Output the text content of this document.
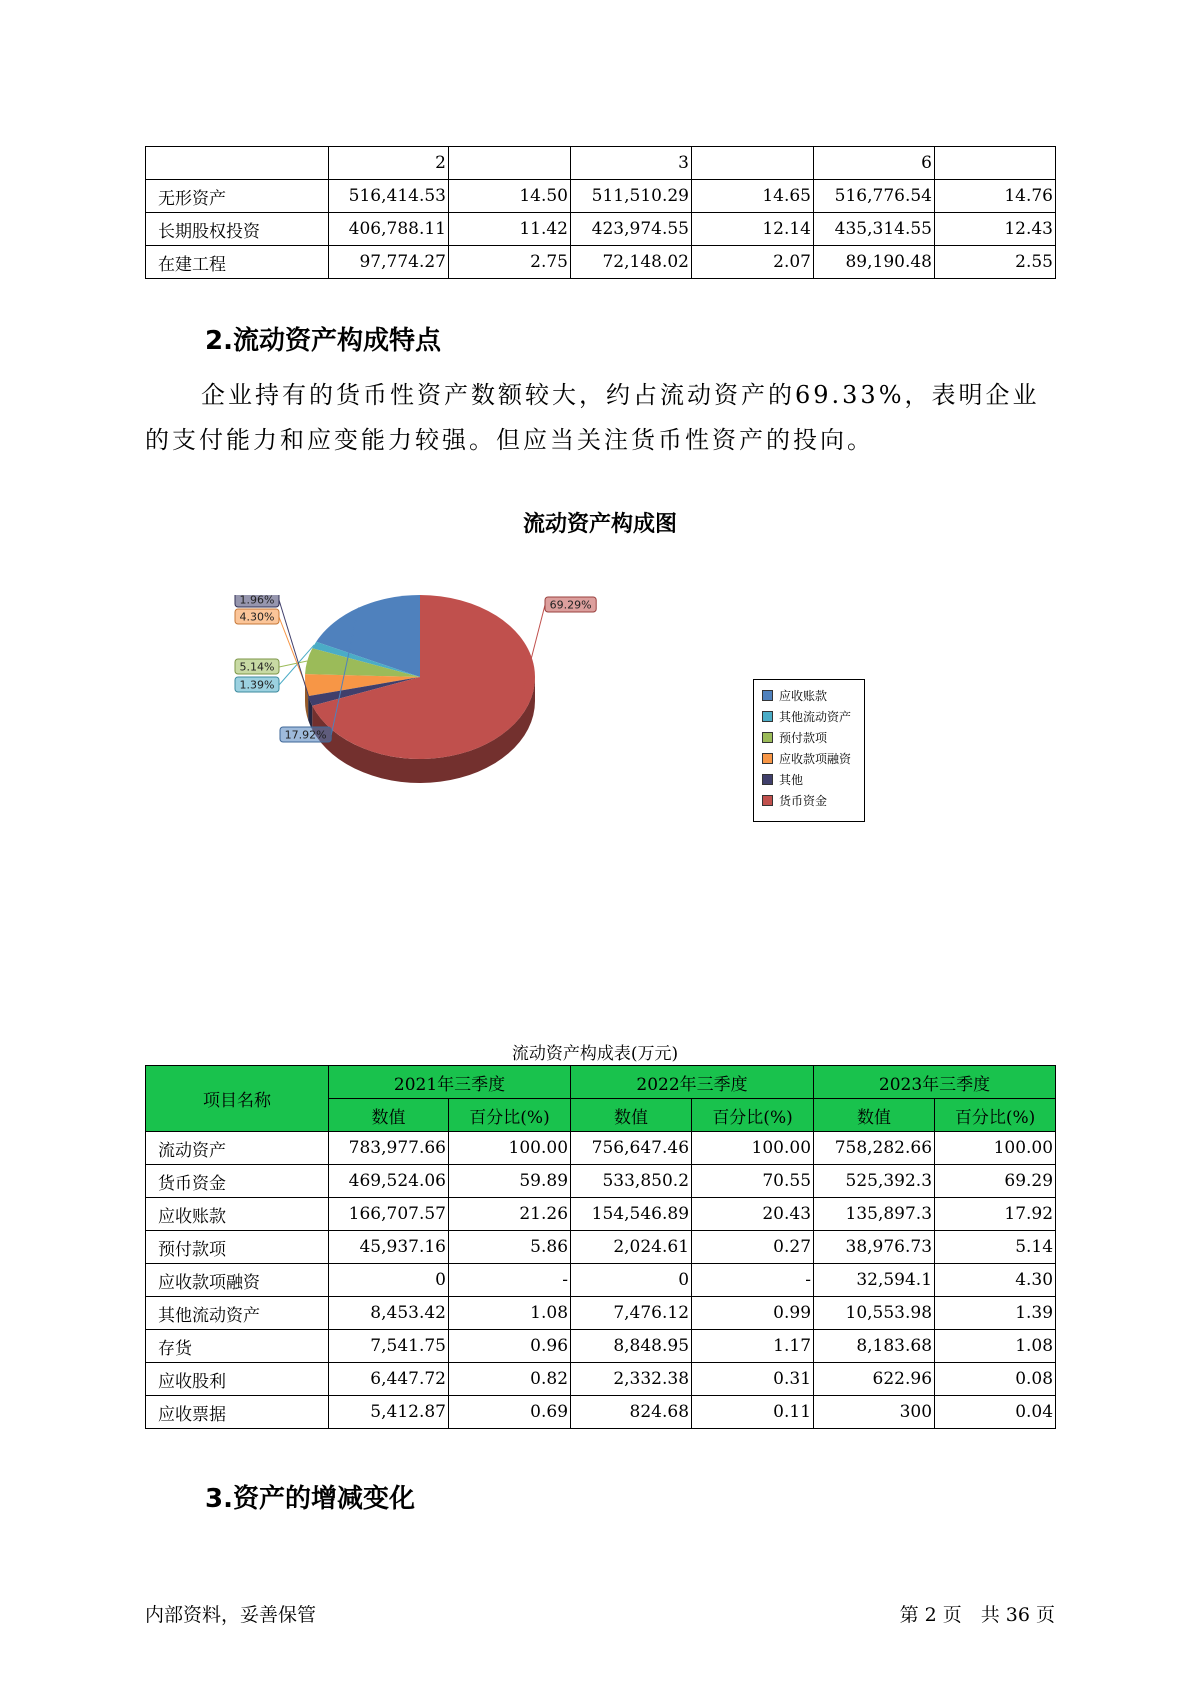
	2		3		6	
无形资产	516,414.53	14.50	511,510.29	14.65	516,776.54	14.76
长期股权投资	406,788.11	11.42	423,974.55	12.14	435,314.55	12.43
在建工程	97,774.27	2.75	72,148.02	2.07	89,190.48	2.55
2.流动资产构成特点
企业持有的货币性资产数额较大，约占流动资产的69.33%，表明企业
的支付能力和应变能力较强。但应当关注货币性资产的投向。
流动资产构成图
17.92%
1.39%
5.14%
4.30%
1.96%	69.29%
应收账款
其他流动资产
预付款项
应收款项融资
其他
货币资金
流动资产构成表(万元)
项目名称	2021年三季度		2022年三季度		2023年三季度	
	数值	百分比(%)	数值	百分比(%)	数值	百分比(%)
流动资产	783,977.66	100.00	756,647.46	100.00	758,282.66	100.00
货币资金	469,524.06	59.89	533,850.2	70.55	525,392.3	69.29
应收账款	166,707.57	21.26	154,546.89	20.43	135,897.3	17.92
预付款项	45,937.16	5.86	2,024.61	0.27	38,976.73	5.14
应收款项融资	0	-	0	-	32,594.1	4.30
其他流动资产	8,453.42	1.08	7,476.12	0.99	10,553.98	1.39
存货	7,541.75	0.96	8,848.95	1.17	8,183.68	1.08
应收股利	6,447.72	0.82	2,332.38	0.31	622.96	0.08
应收票据	5,412.87	0.69	824.68	0.11	300	0.04
3.资产的增减变化
内部资料，妥善保管	第 2 页　共 36 页
